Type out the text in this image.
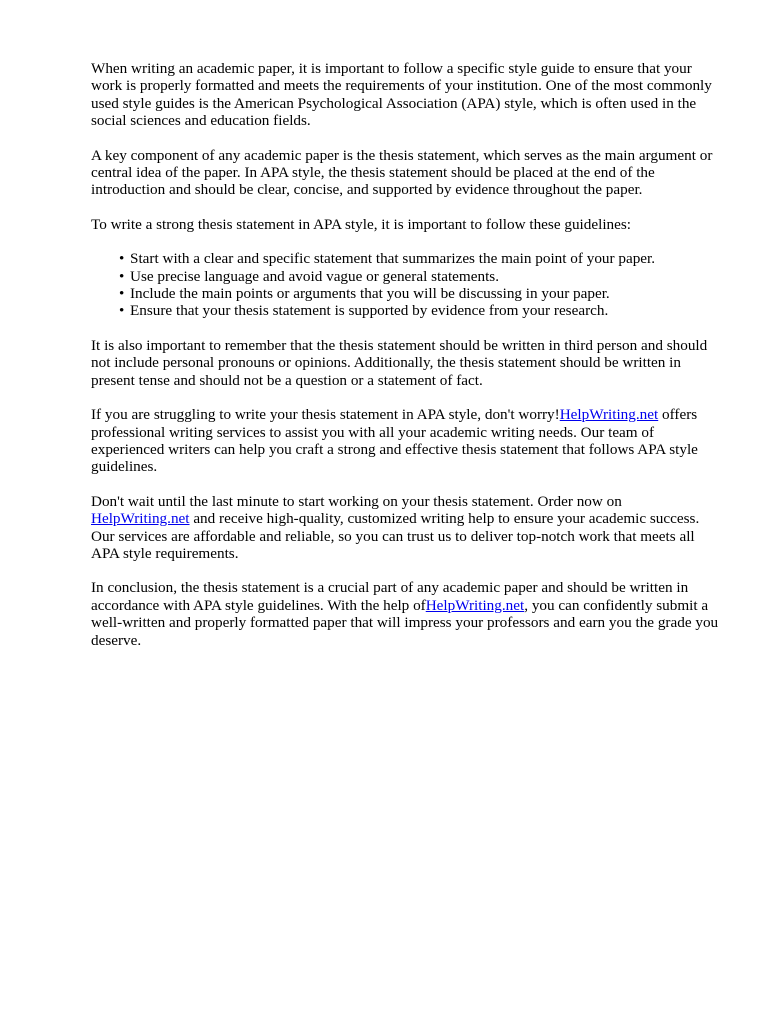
When writing an academic paper, it is important to follow a specific style guide to ensure that your work is properly formatted and meets the requirements of your institution. One of the most commonly used style guides is the American Psychological Association (APA) style, which is often used in the social sciences and education fields.

A key component of any academic paper is the thesis statement, which serves as the main argument or central idea of the paper. In APA style, the thesis statement should be placed at the end of the introduction and should be clear, concise, and supported by evidence throughout the paper.

To write a strong thesis statement in APA style, it is important to follow these guidelines:

• Start with a clear and specific statement that summarizes the main point of your paper.
• Use precise language and avoid vague or general statements.
• Include the main points or arguments that you will be discussing in your paper.
• Ensure that your thesis statement is supported by evidence from your research.

It is also important to remember that the thesis statement should be written in third person and should not include personal pronouns or opinions. Additionally, the thesis statement should be written in present tense and should not be a question or a statement of fact.

If you are struggling to write your thesis statement in APA style, don't worry!HelpWriting.net offers professional writing services to assist you with all your academic writing needs. Our team of experienced writers can help you craft a strong and effective thesis statement that follows APA style guidelines.

Don't wait until the last minute to start working on your thesis statement. Order now on HelpWriting.net and receive high-quality, customized writing help to ensure your academic success. Our services are affordable and reliable, so you can trust us to deliver top-notch work that meets all APA style requirements.

In conclusion, the thesis statement is a crucial part of any academic paper and should be written in accordance with APA style guidelines. With the help ofHelpWriting.net, you can confidently submit a well-written and properly formatted paper that will impress your professors and earn you the grade you deserve.
